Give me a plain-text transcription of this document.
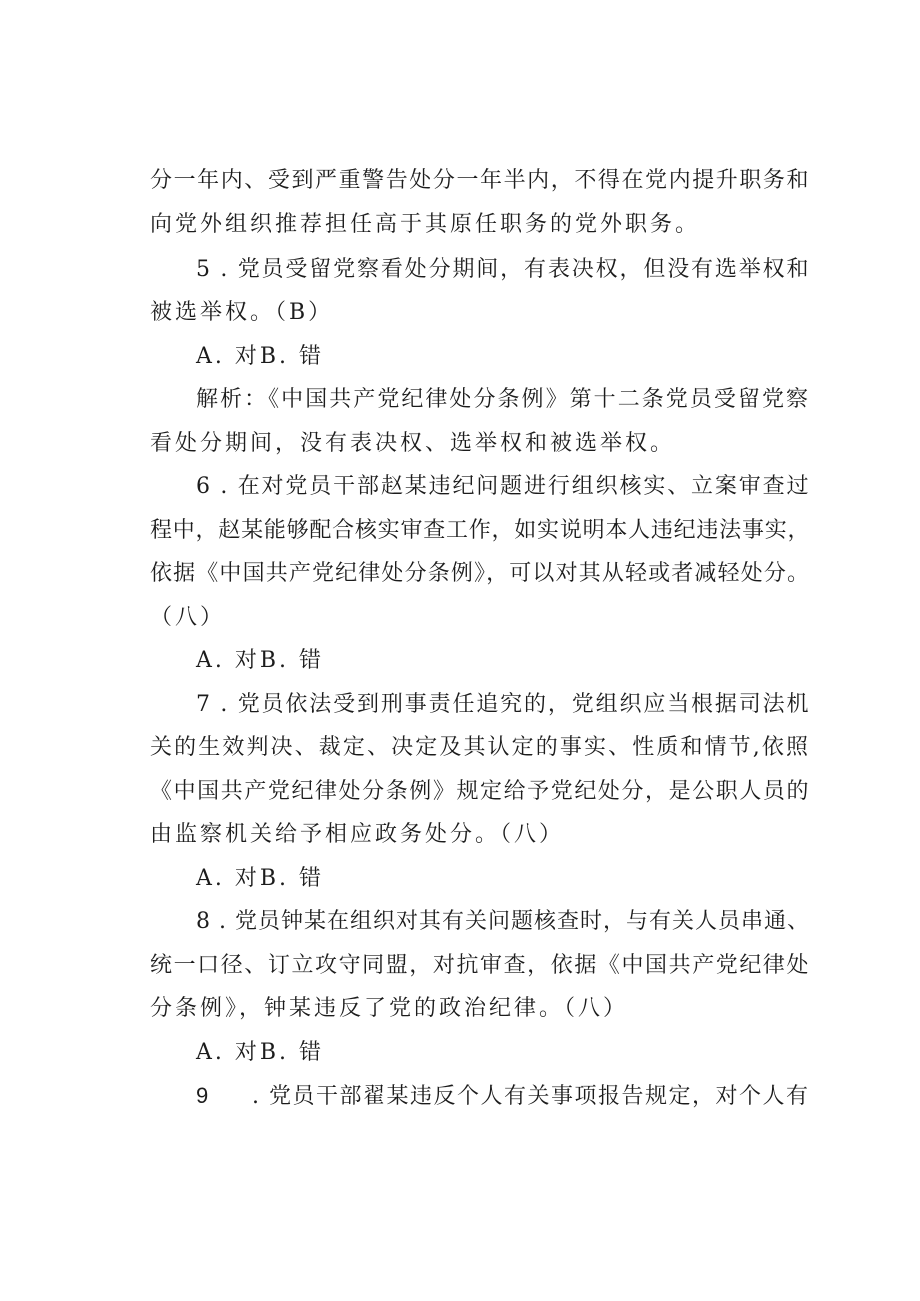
分一年内、受到严重警告处分一年半内，不得在党内提升职务和
向党外组织推荐担任高于其原任职务的党外职务。
5 . 党员受留党察看处分期间，有表决权，但没有选举权和
被选举权。（B）
A. 对B. 错
解析：《中国共产党纪律处分条例》第十二条党员受留党察
看处分期间，没有表决权、选举权和被选举权。
6 . 在对党员干部赵某违纪问题进行组织核实、立案审查过
程中，赵某能够配合核实审查工作，如实说明本人违纪违法事实，
依据《中国共产党纪律处分条例》，可以对其从轻或者减轻处分。
（八）
A. 对B. 错
7 . 党员依法受到刑事责任追究的，党组织应当根据司法机
关的生效判决、裁定、决定及其认定的事实、性质和情节,依照
《中国共产党纪律处分条例》规定给予党纪处分，是公职人员的
由监察机关给予相应政务处分。（八）
A. 对B. 错
8 . 党员钟某在组织对其有关问题核查时，与有关人员串通、
统一口径、订立攻守同盟，对抗审查，依据《中国共产党纪律处
分条例》，钟某违反了党的政治纪律。（八）
A. 对B. 错
9 . 党员干部翟某违反个人有关事项报告规定，对个人有
